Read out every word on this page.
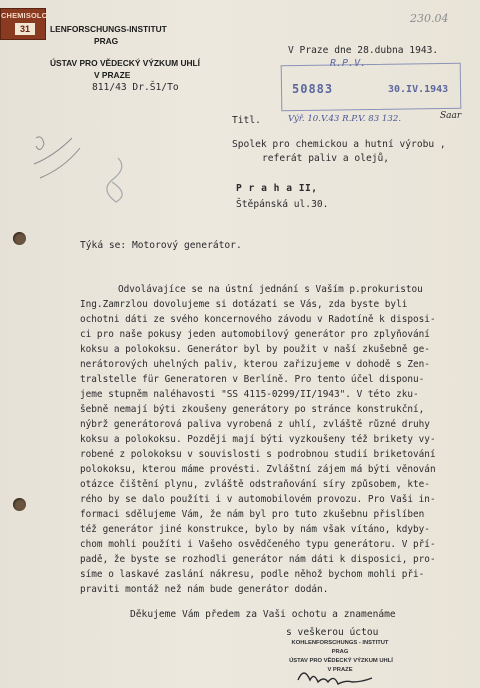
CHEMISOLO
31
230.04
LENFORSCHUNGS-INSTITUT
PRAG
ÚSTAV PRO VĚDECKÝ VÝZKUM UHLÍ
V PRAZE
811/43 Dr.Š1/To
V Praze dne 28.dubna 1943.
R.P.V.
50883	30.IV.1943
Titl.	Výř. 10.V.43 R.P.V. 83 132.	Saar
Spolek pro chemickou a hutní výrobu ,
referát paliv a olejů,
P r a h a II,
Štěpánská ul.30.
Týká se: Motorový generátor.
Odvolávajíce se na ústní jednání s Vaším p.prokuristou
Ing.Zamrzlou dovolujeme si dotázati se Vás, zda byste byli
ochotni dáti ze svého koncernového závodu v Radotíně k disposi-
ci pro naše pokusy jeden automobilový generátor pro zplyňování
koksu a polokoksu. Generátor byl by použit v naší zkušebně ge-
nerátorových uhelných paliv, kterou zařizujeme v dohodě s Zen-
tralstelle für Generatoren v Berlíně. Pro tento účel disponu-
jeme stupněm naléhavosti "SS 4115-0299/II/1943". V této zku-
šebně nemají býti zkoušeny generátory po stránce konstrukční,
nýbrž generátorová paliva vyrobená z uhlí, zvláště různé druhy
koksu a polokoksu. Později mají býti vyzkoušeny též brikety vy-
robené z polokoksu v souvislosti s podrobnou studií briketování
polokoksu, kterou máme provésti. Zvláštní zájem má býti věnován
otázce čištění plynu, zvláště odstraňování síry způsobem, kte-
rého by se dalo použíti i v automobilovém provozu. Pro Vaši in-
formaci sdělujeme Vám, že nám byl pro tuto zkušebnu přislíben
též generátor jiné konstrukce, bylo by nám však vítáno, kdyby-
chom mohli použíti i Vašeho osvědčeného typu generátoru. V pří-
padě, že byste se rozhodli generátor nám dáti k disposici, pro-
síme o laskavé zaslání nákresu, podle něhož bychom mohli při-
praviti montáž než nám bude generátor dodán.
Děkujeme Vám předem za Vaši ochotu a znamenáme
s veškerou úctou
KOHLENFORSCHUNGS - INSTITUT
PRAG
ÚSTAV PRO VĚDECKÝ VÝZKUM UHLÍ
V PRAZE
